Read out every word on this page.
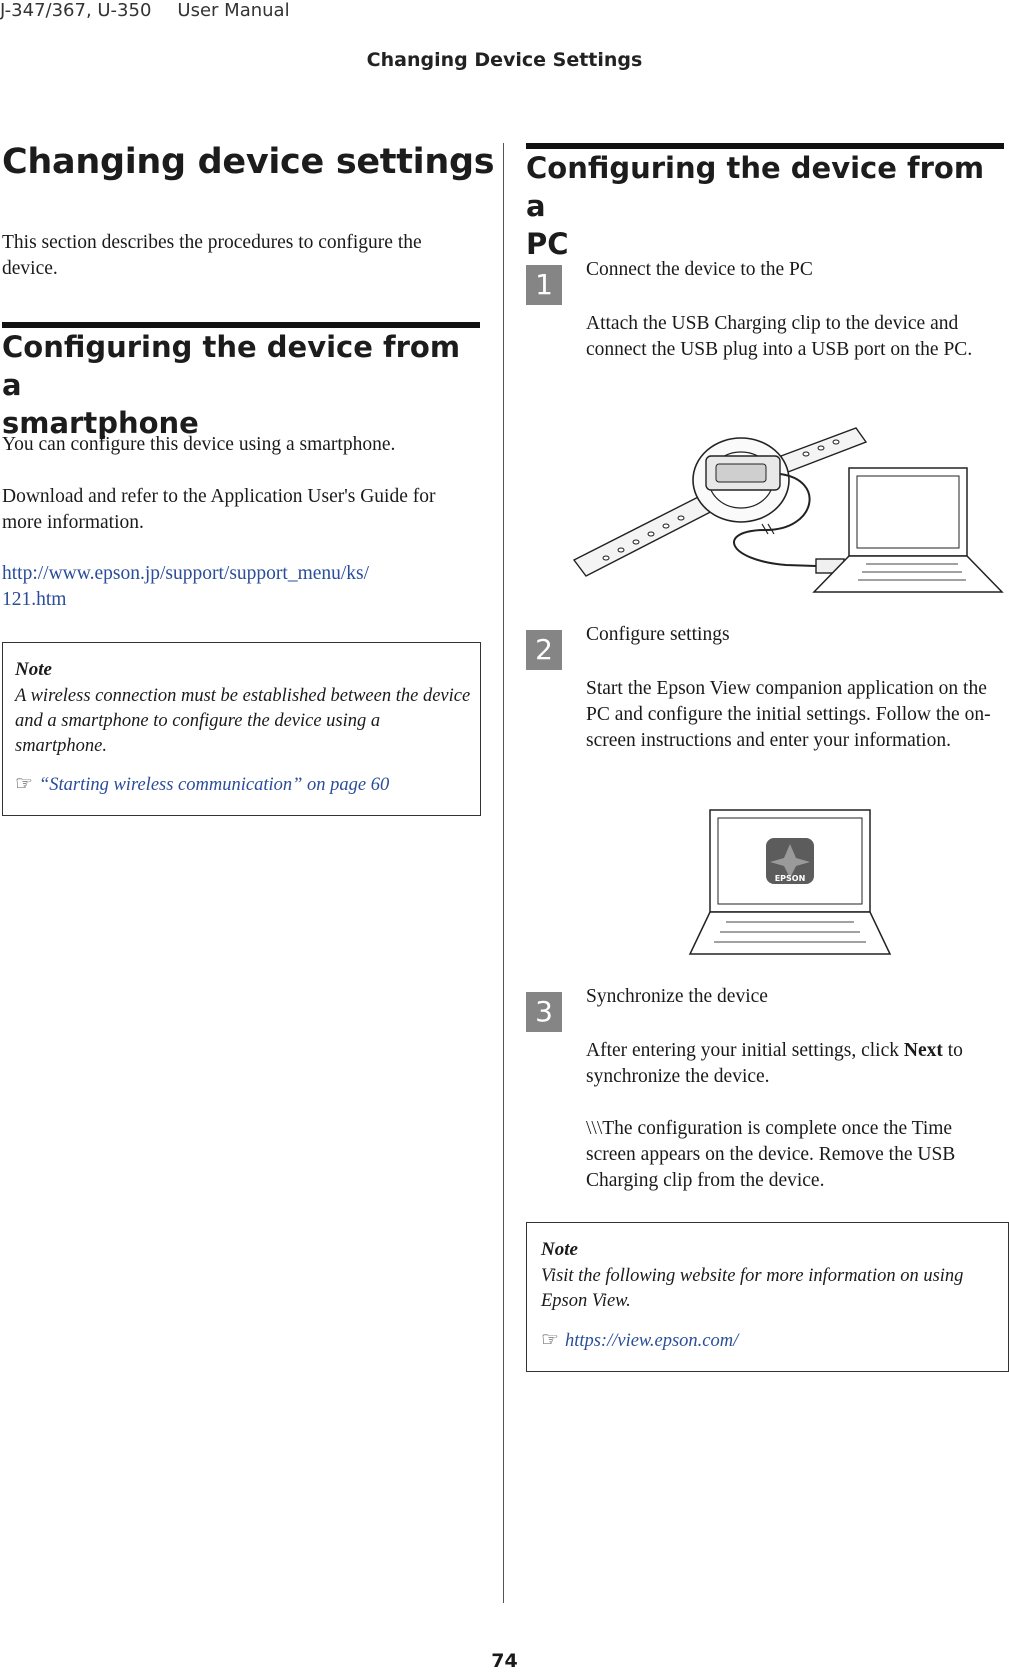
J-347/367, U-350 User Manual
Changing Device Settings
Changing device settings
This section describes the procedures to configure the device.
Configuring the device from a
smartphone
You can configure this device using a smartphone.
Download and refer to the Application User's Guide for more information.
http://www.epson.jp/support/support_menu/ks/
121.htm
Note
A wireless connection must be established between the device and a smartphone to configure the device using a smartphone.
☞ “Starting wireless communication” on page 60
Configuring the device from a
PC
1	Connect the device to the PC
Attach the USB Charging clip to the device and connect the USB plug into a USB port on the PC.
2	Configure settings
Start the Epson View companion application on the PC and configure the initial settings. Follow the on-screen instructions and enter your information.
EPSON
3	Synchronize the device
After entering your initial settings, click Next to synchronize the device.
\\\The configuration is complete once the Time screen appears on the device. Remove the USB Charging clip from the device.
Note
Visit the following website for more information on using Epson View.
☞ https://view.epson.com/
74
